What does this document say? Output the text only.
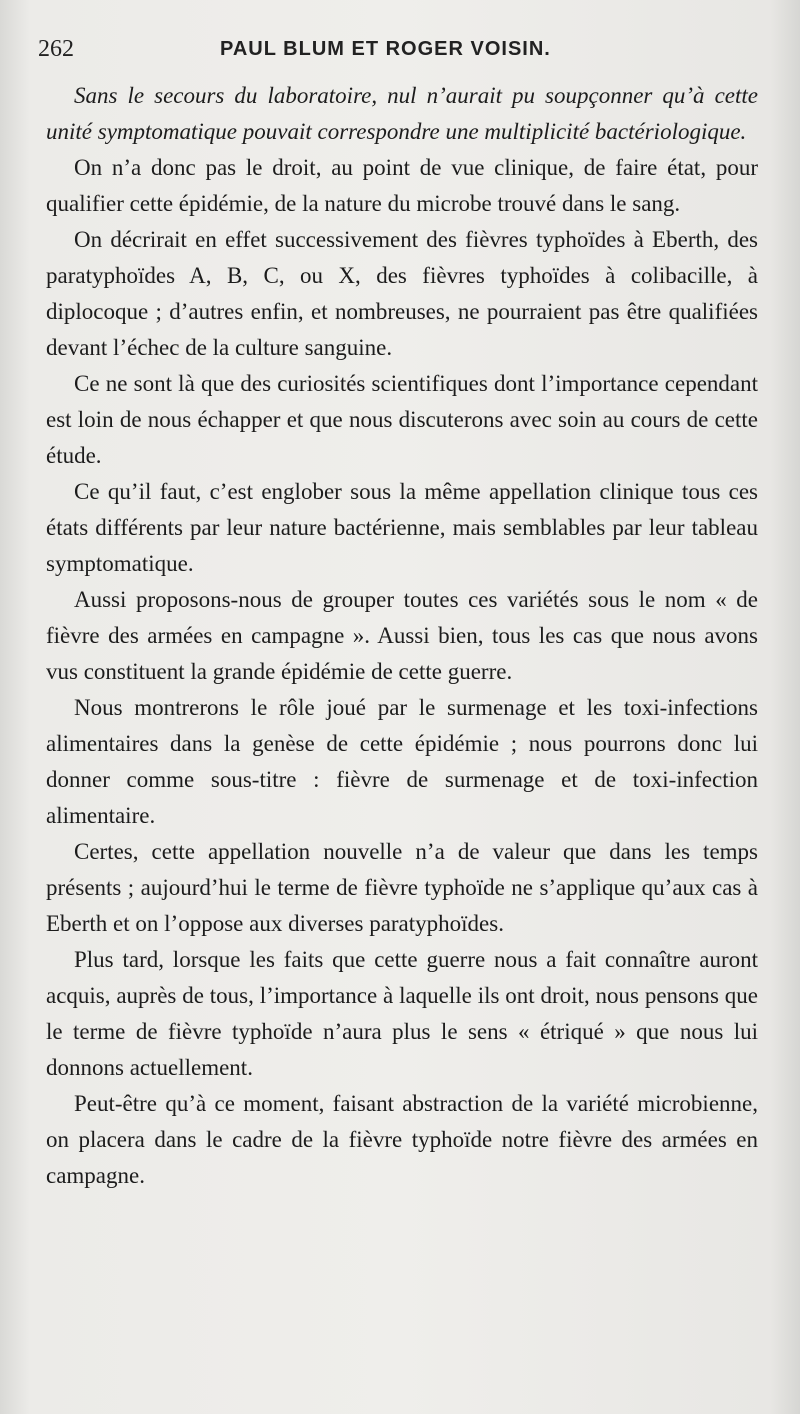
262	PAUL BLUM ET ROGER VOISIN.

Sans le secours du laboratoire, nul n’aurait pu soupçonner qu’à cette unité symptomatique pouvait correspondre une multiplicité bactériologique.

On n’a donc pas le droit, au point de vue clinique, de faire état, pour qualifier cette épidémie, de la nature du microbe trouvé dans le sang.

On décrirait en effet successivement des fièvres typhoïdes à Eberth, des paratyphoïdes A, B, C, ou X, des fièvres typhoïdes à colibacille, à diplocoque ; d’autres enfin, et nombreuses, ne pourraient pas être qualifiées devant l’échec de la culture sanguine.

Ce ne sont là que des curiosités scientifiques dont l’importance cependant est loin de nous échapper et que nous discuterons avec soin au cours de cette étude.

Ce qu’il faut, c’est englober sous la même appellation clinique tous ces états différents par leur nature bactérienne, mais semblables par leur tableau symptomatique.

Aussi proposons-nous de grouper toutes ces variétés sous le nom « de fièvre des armées en campagne ». Aussi bien, tous les cas que nous avons vus constituent la grande épidémie de cette guerre.

Nous montrerons le rôle joué par le surmenage et les toxi-infections alimentaires dans la genèse de cette épidémie ; nous pourrons donc lui donner comme sous-titre : fièvre de surmenage et de toxi-infection alimentaire.

Certes, cette appellation nouvelle n’a de valeur que dans les temps présents ; aujourd’hui le terme de fièvre typhoïde ne s’applique qu’aux cas à Eberth et on l’oppose aux diverses paratyphoïdes.

Plus tard, lorsque les faits que cette guerre nous a fait connaître auront acquis, auprès de tous, l’importance à laquelle ils ont droit, nous pensons que le terme de fièvre typhoïde n’aura plus le sens « étriqué » que nous lui donnons actuellement.

Peut-être qu’à ce moment, faisant abstraction de la variété microbienne, on placera dans le cadre de la fièvre typhoïde notre fièvre des armées en campagne.
